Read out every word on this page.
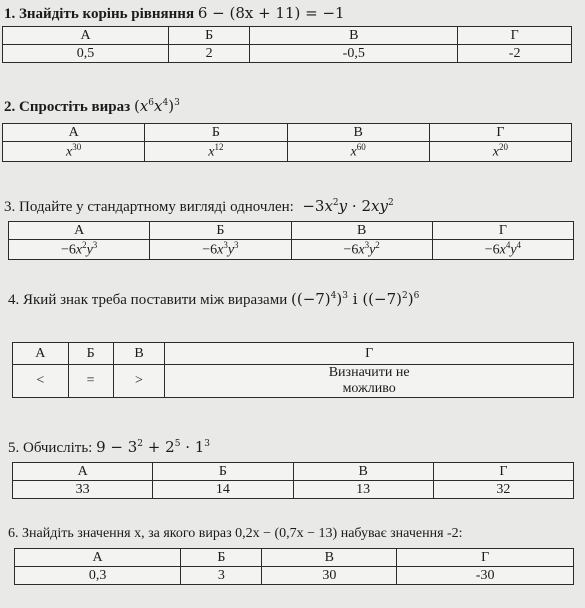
1. Знайдіть корінь рівняння 6 − (8x + 11) = −1
А	Б	В	Г
0,5	2	-0,5	-2
2. Спростіть вираз $(x^6x^4)^3$
А	Б	В	Г
$x^{30}$	$x^{12}$	$x^{60}$	$x^{20}$
3. Подайте у стандартному вигляді одночлен:  $-3x^2y \cdot 2xy^2$
А	Б	В	Г
$-6x^2y^3$	$-6x^3y^3$	$-6x^3y^2$	$-6x^4y^4$
4. Який знак треба поставити між виразами $((-7)^4)^3$ і $((-7)^2)^6$
А	Б	В	Г
<	=	>	Визначити не
можливо
5. Обчисліть: $9 - 3^2 + 2^5 \cdot 1^3$
А	Б	В	Г
33	14	13	32
6. Знайдіть значення x, за якого вираз 0,2x − (0,7x − 13) набуває значення -2:
А	Б	В	Г
0,3	3	30	-30
